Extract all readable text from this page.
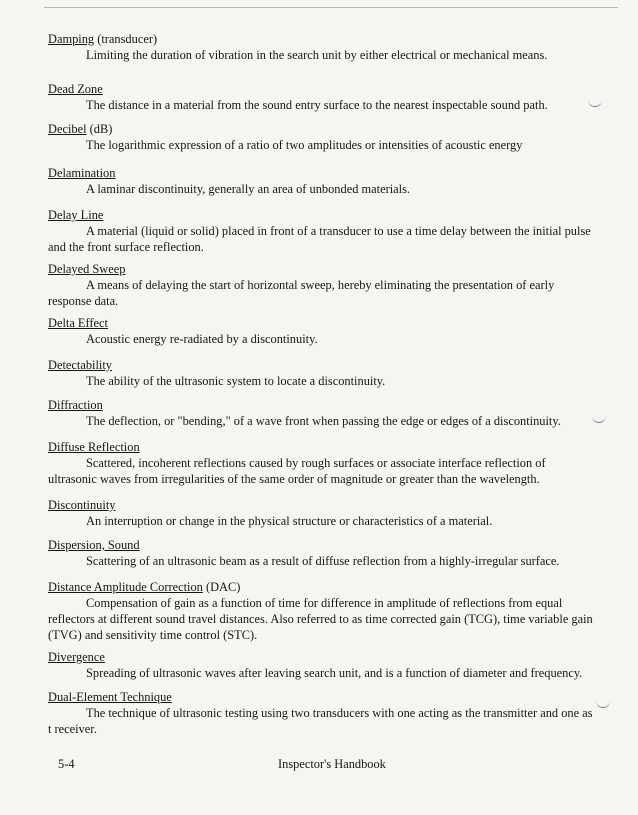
Damping (transducer)
Limiting the duration of vibration in the search unit by either electrical or mechanical means.
Dead Zone
The distance in a material from the sound entry surface to the nearest inspectable sound path.
Decibel (dB)
The logarithmic expression of a ratio of two amplitudes or intensities of acoustic energy
Delamination
A laminar discontinuity, generally an area of unbonded materials.
Delay Line
A material (liquid or solid) placed in front of a transducer to use a time delay between the initial pulse and the front surface reflection.
Delayed Sweep
A means of delaying the start of horizontal sweep, hereby eliminating the presentation of early response data.
Delta Effect
Acoustic energy re-radiated by a discontinuity.
Detectability
The ability of the ultrasonic system to locate a discontinuity.
Diffraction
The deflection, or "bending," of a wave front when passing the edge or edges of a discontinuity.
Diffuse Reflection
Scattered, incoherent reflections caused by rough surfaces or associate interface reflection of ultrasonic waves from irregularities of the same order of magnitude or greater than the wavelength.
Discontinuity
An interruption or change in the physical structure or characteristics of a material.
Dispersion, Sound
Scattering of an ultrasonic beam as a result of diffuse reflection from a highly-irregular surface.
Distance Amplitude Correction (DAC)
Compensation of gain as a function of time for difference in amplitude of reflections from equal reflectors at different sound travel distances. Also referred to as time corrected gain (TCG), time variable gain (TVG) and sensitivity time control (STC).
Divergence
Spreading of ultrasonic waves after leaving search unit, and is a function of diameter and frequency.
Dual-Element Technique
The technique of ultrasonic testing using two transducers with one acting as the transmitter and one as t receiver.
5-4	Inspector's Handbook
